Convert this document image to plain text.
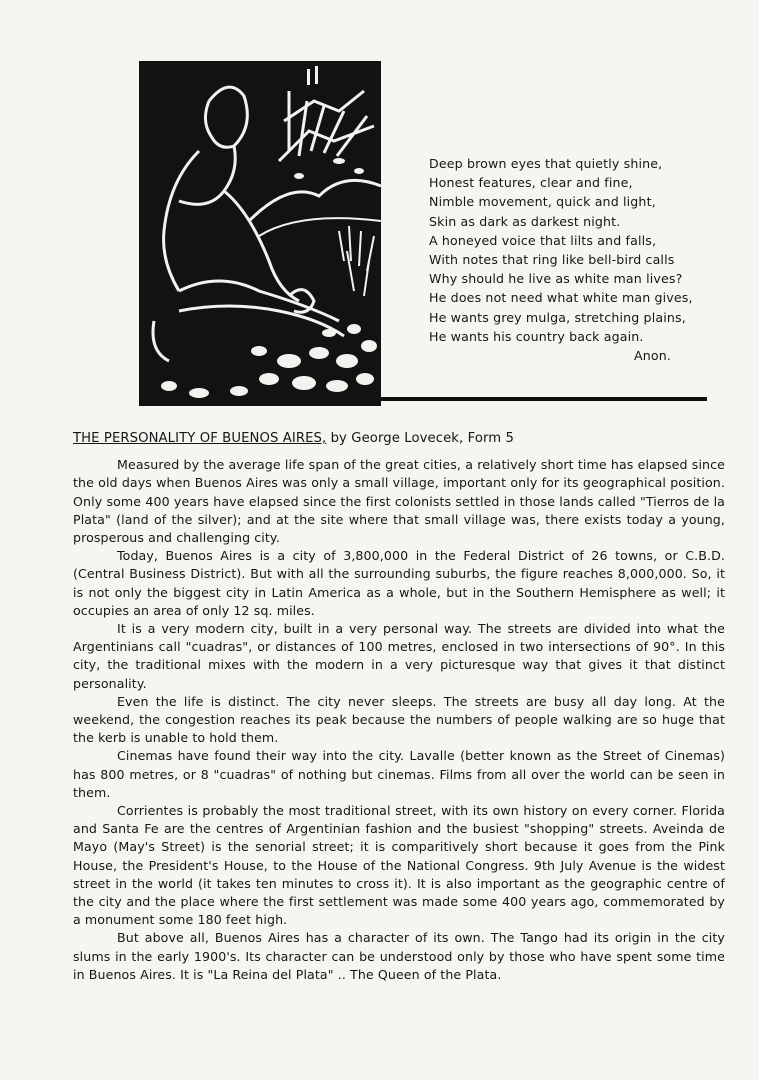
Deep brown eyes that quietly shine,
Honest features, clear and fine,
Nimble movement, quick and light,
Skin as dark as darkest night.
A honeyed voice that lilts and falls,
With notes that ring like bell-bird calls
Why should he live as white man lives?
He does not need what white man gives,
He wants grey mulga, stretching plains,
He wants his country back again.
Anon.
THE PERSONALITY OF BUENOS AIRES, by George Lovecek, Form 5

Measured by the average life span of the great cities, a relatively short time has elapsed since the old days when Buenos Aires was only a small village, important only for its geographical position. Only some 400 years have elapsed since the first colonists settled in those lands called "Tierros de la Plata" (land of the silver); and at the site where that small village was, there exists today a young, prosperous and challenging city.

Today, Buenos Aires is a city of 3,800,000 in the Federal District of 26 towns, or C.B.D. (Central Business District). But with all the surrounding suburbs, the figure reaches 8,000,000. So, it is not only the biggest city in Latin America as a whole, but in the Southern Hemisphere as well; it occupies an area of only 12 sq. miles.

It is a very modern city, built in a very personal way. The streets are divided into what the Argentinians call "cuadras", or distances of 100 metres, enclosed in two intersections of 90°. In this city, the traditional mixes with the modern in a very picturesque way that gives it that distinct personality.

Even the life is distinct. The city never sleeps. The streets are busy all day long. At the weekend, the congestion reaches its peak because the numbers of people walking are so huge that the kerb is unable to hold them.

Cinemas have found their way into the city. Lavalle (better known as the Street of Cinemas) has 800 metres, or 8 "cuadras" of nothing but cinemas. Films from all over the world can be seen in them.

Corrientes is probably the most traditional street, with its own history on every corner. Florida and Santa Fe are the centres of Argentinian fashion and the busiest "shopping" streets. Aveinda de Mayo (May's Street) is the senorial street; it is comparitively short because it goes from the Pink House, the President's House, to the House of the National Congress. 9th July Avenue is the widest street in the world (it takes ten minutes to cross it). It is also important as the geographic centre of the city and the place where the first settlement was made some 400 years ago, commemorated by a monument some 180 feet high.

But above all, Buenos Aires has a character of its own. The Tango had its origin in the city slums in the early 1900's. Its character can be understood only by those who have spent some time in Buenos Aires. It is "La Reina del Plata" .. The Queen of the Plata.
